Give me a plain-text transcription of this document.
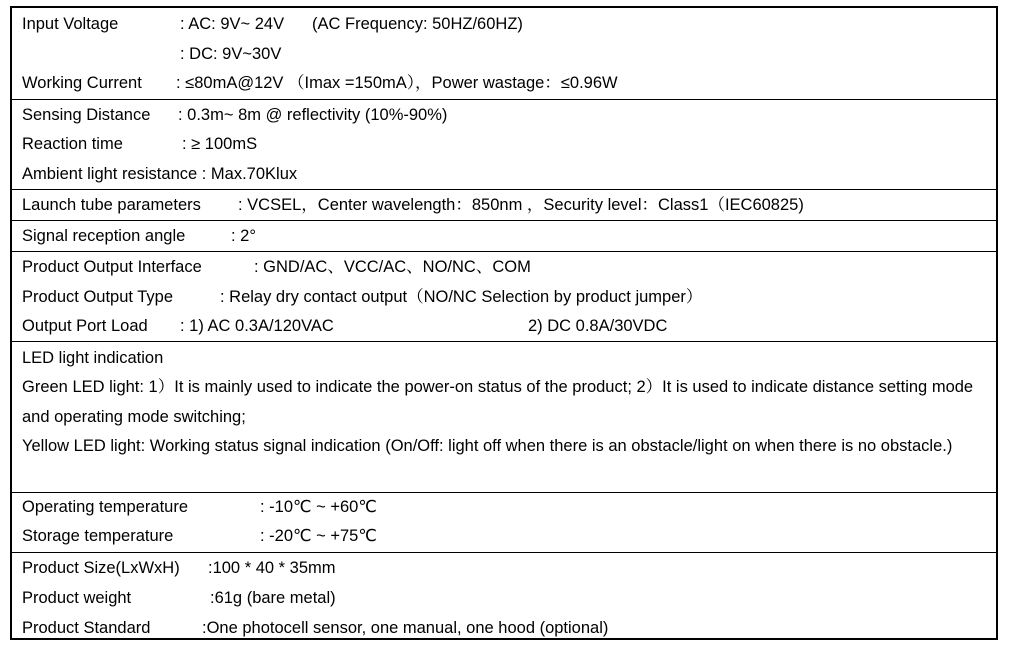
Input Voltage	: AC: 9V~ 24V (AC Frequency: 50HZ/60HZ)
: DC: 9V~30V
Working Current : ≤80mA@12V （Imax =150mA），Power wastage：≤0.96W
Sensing Distance : 0.3m~ 8m @ reflectivity (10%-90%)
Reaction time	: ≥ 100mS
Ambient light resistance : Max.70Klux
Launch tube parameters : VCSEL，Center wavelength：850nm ，Security level：Class1（IEC60825)
Signal reception angle	: 2°
Product Output Interface	: GND/AC、VCC/AC、NO/NC、COM
Product Output Type	: Relay dry contact output（NO/NC Selection by product jumper）
Output Port Load : 1) AC 0.3A/120VAC	2) DC 0.8A/30VDC
LED light indication
Green LED light: 1）It is mainly used to indicate the power-on status of the product; 2）It is used to indicate distance setting mode and operating mode switching;
Yellow LED light: Working status signal indication (On/Off: light off when there is an obstacle/light on when there is no obstacle.)
Operating temperature	: -10℃ ~ +60℃
Storage temperature	: -20℃ ~ +75℃
Product Size(LxWxH) :100 * 40 * 35mm
Product weight	:61g (bare metal)
Product Standard	:One photocell sensor, one manual, one hood (optional)
